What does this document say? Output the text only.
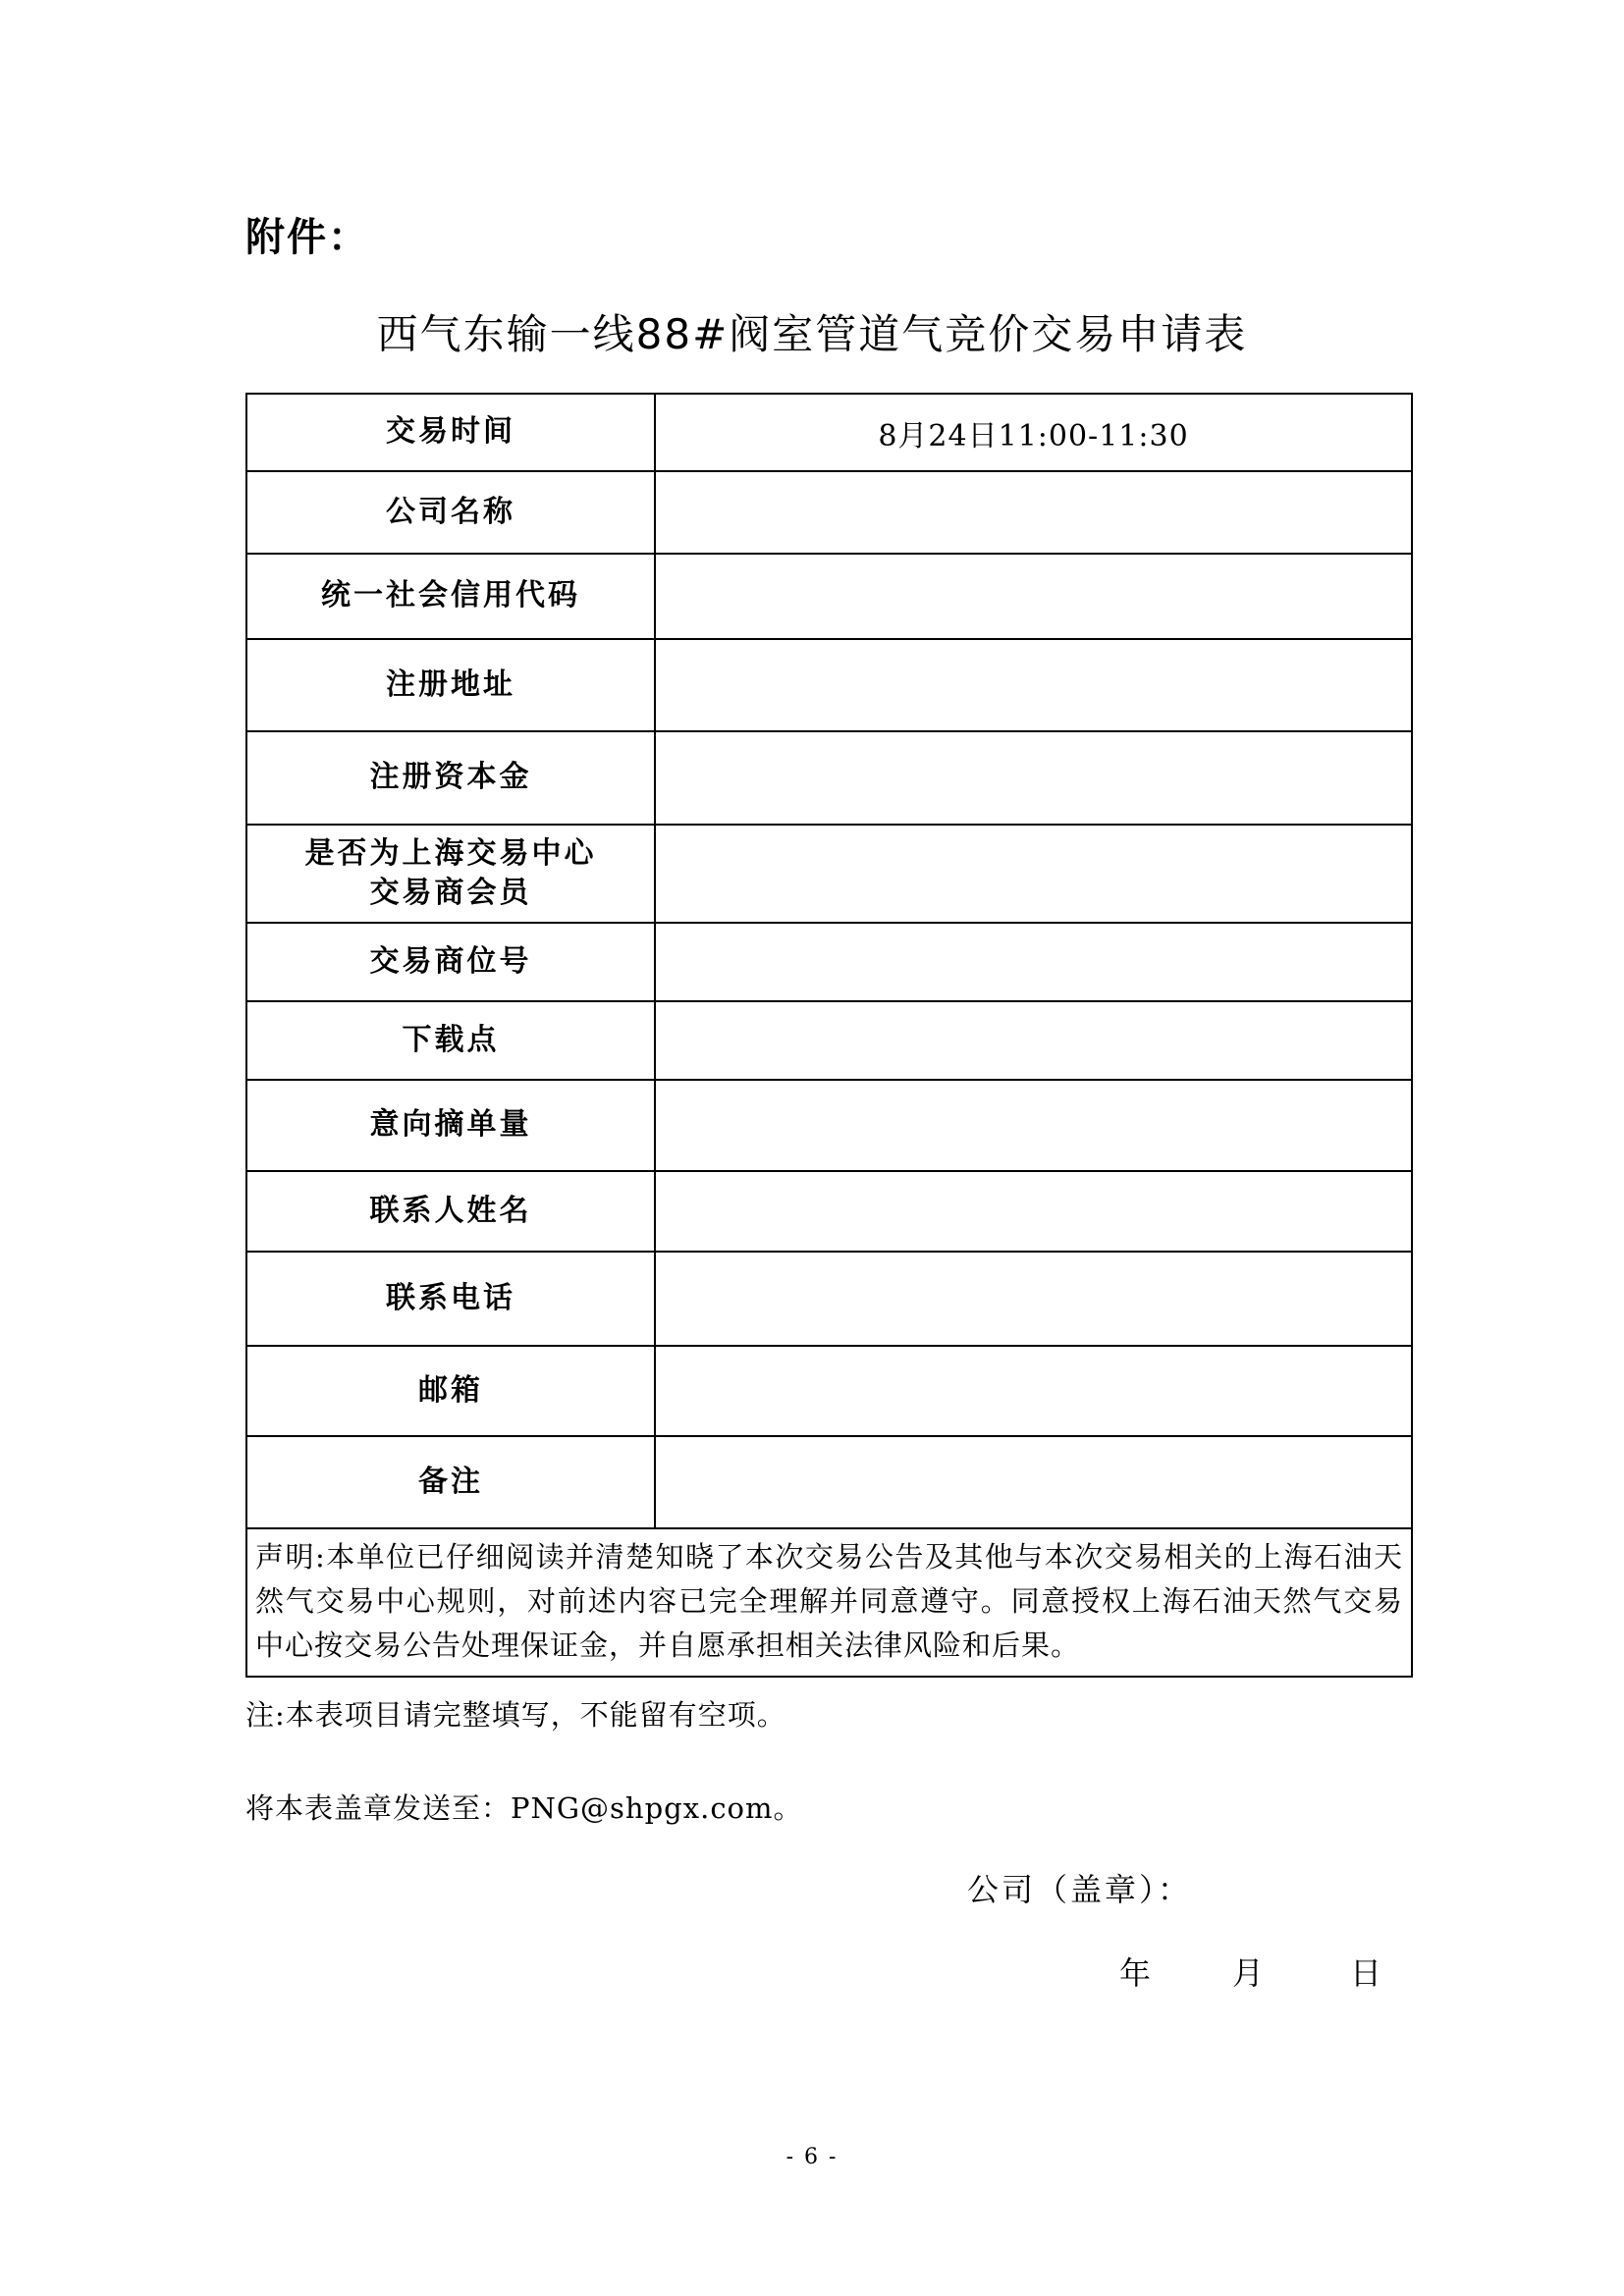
附件：
西气东输一线88#阀室管道气竞价交易申请表
交易时间	8月24日11:00-11:30
公司名称	
统一社会信用代码	
注册地址	
注册资本金	

是否为上海交易中心
交易商会员	

交易商位号	
下载点	
意向摘单量	
联系人姓名	
联系电话	
邮箱	
备注	
声明:本单位已仔细阅读并清楚知晓了本次交易公告及其他与本次交易相关的上海石油天然气交易中心规则，对前述内容已完全理解并同意遵守。同意授权上海石油天然气交易中心按交易公告处理保证金，并自愿承担相关法律风险和后果。	
注:本表项目请完整填写，不能留有空项。
将本表盖章发送至：PNG@shpgx.com。
公司（盖章）：
年	月	日
- 6 -
